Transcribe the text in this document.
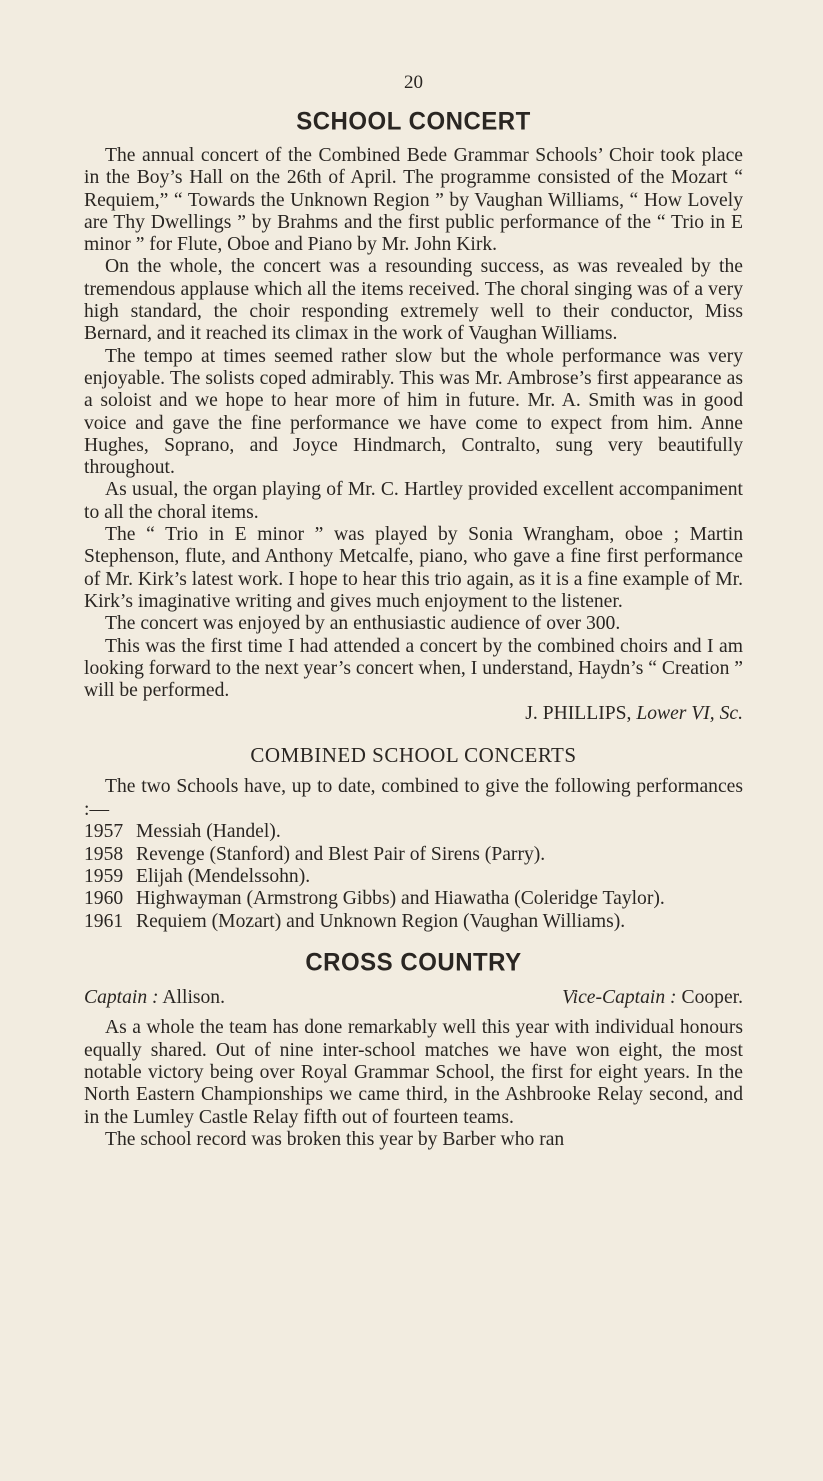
20
SCHOOL CONCERT

The annual concert of the Combined Bede Grammar Schools’ Choir took place in the Boy’s Hall on the 26th of April. The programme consisted of the Mozart “ Requiem,” “ Towards the Unknown Region ” by Vaughan Williams, “ How Lovely are Thy Dwellings ” by Brahms and the first public performance of the “ Trio in E minor ” for Flute, Oboe and Piano by Mr. John Kirk.

On the whole, the concert was a resounding success, as was revealed by the tremendous applause which all the items received. The choral singing was of a very high standard, the choir responding extremely well to their conductor, Miss Bernard, and it reached its climax in the work of Vaughan Williams.

The tempo at times seemed rather slow but the whole performance was very enjoyable. The solists coped admirably. This was Mr. Ambrose’s first appearance as a soloist and we hope to hear more of him in future. Mr. A. Smith was in good voice and gave the fine performance we have come to expect from him. Anne Hughes, Soprano, and Joyce Hindmarch, Contralto, sung very beautifully throughout.

As usual, the organ playing of Mr. C. Hartley provided excellent accompaniment to all the choral items.

The “ Trio in E minor ” was played by Sonia Wrangham, oboe ; Martin Stephenson, flute, and Anthony Metcalfe, piano, who gave a fine first performance of Mr. Kirk’s latest work. I hope to hear this trio again, as it is a fine example of Mr. Kirk’s imaginative writing and gives much enjoyment to the listener.

The concert was enjoyed by an enthusiastic audience of over 300.

This was the first time I had attended a concert by the combined choirs and I am looking forward to the next year’s concert when, I understand, Haydn’s “ Creation ” will be performed.

J. PHILLIPS, Lower VI, Sc.
COMBINED SCHOOL CONCERTS

The two Schools have, up to date, combined to give the following performances :—

1957 Messiah (Handel).
1958 Revenge (Stanford) and Blest Pair of Sirens (Parry).
1959 Elijah (Mendelssohn).
1960 Highwayman (Armstrong Gibbs) and Hiawatha (Coleridge Taylor).
1961 Requiem (Mozart) and Unknown Region (Vaughan Williams).
CROSS COUNTRY
Captain : Allison.	Vice-Captain : Cooper.

As a whole the team has done remarkably well this year with individual honours equally shared. Out of nine inter-school matches we have won eight, the most notable victory being over Royal Grammar School, the first for eight years. In the North Eastern Championships we came third, in the Ashbrooke Relay second, and in the Lumley Castle Relay fifth out of fourteen teams.

The school record was broken this year by Barber who ran
